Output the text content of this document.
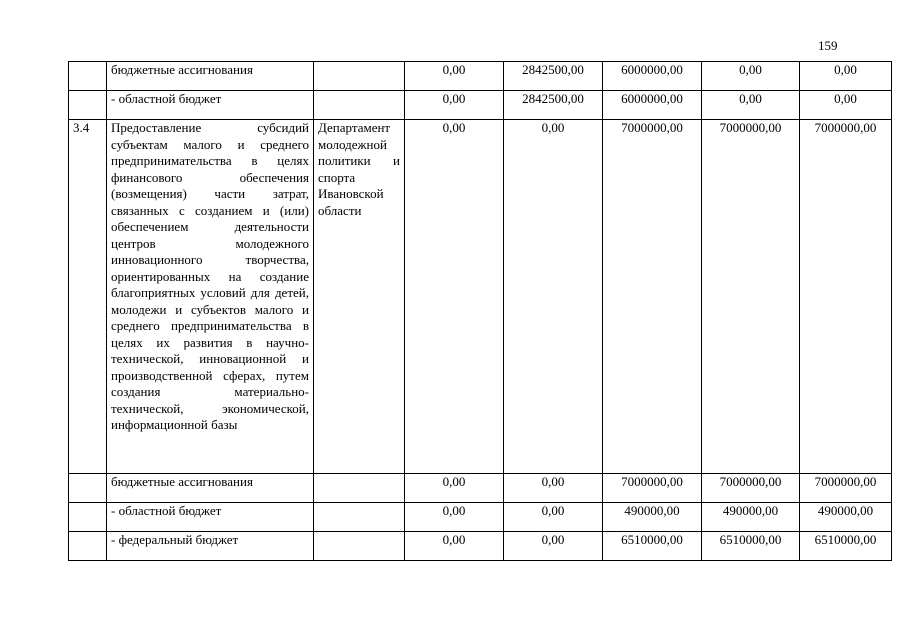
159
	бюджетные ассигнования		0,00	2842500,00	6000000,00	0,00	0,00
	- областной бюджет		0,00	2842500,00	6000000,00	0,00	0,00
3.4	Предоставление субсидий субъектам малого и среднего предпринимательства в целях финансового обеспечения (возмещения) части затрат, связанных с созданием и (или) обеспечением деятельности центров молодежного инновационного творчества, ориентированных на создание благоприятных условий для детей, молодежи и субъектов малого и среднего предпринимательства в целях их развития в научно-технической, инновационной и производственной сферах, путем создания материально-технической, экономической, информационной базы	Департамент молодежной политики и спорта Ивановской области	0,00	0,00	7000000,00	7000000,00	7000000,00
	бюджетные ассигнования		0,00	0,00	7000000,00	7000000,00	7000000,00
	- областной бюджет		0,00	0,00	490000,00	490000,00	490000,00
	- федеральный бюджет		0,00	0,00	6510000,00	6510000,00	6510000,00
